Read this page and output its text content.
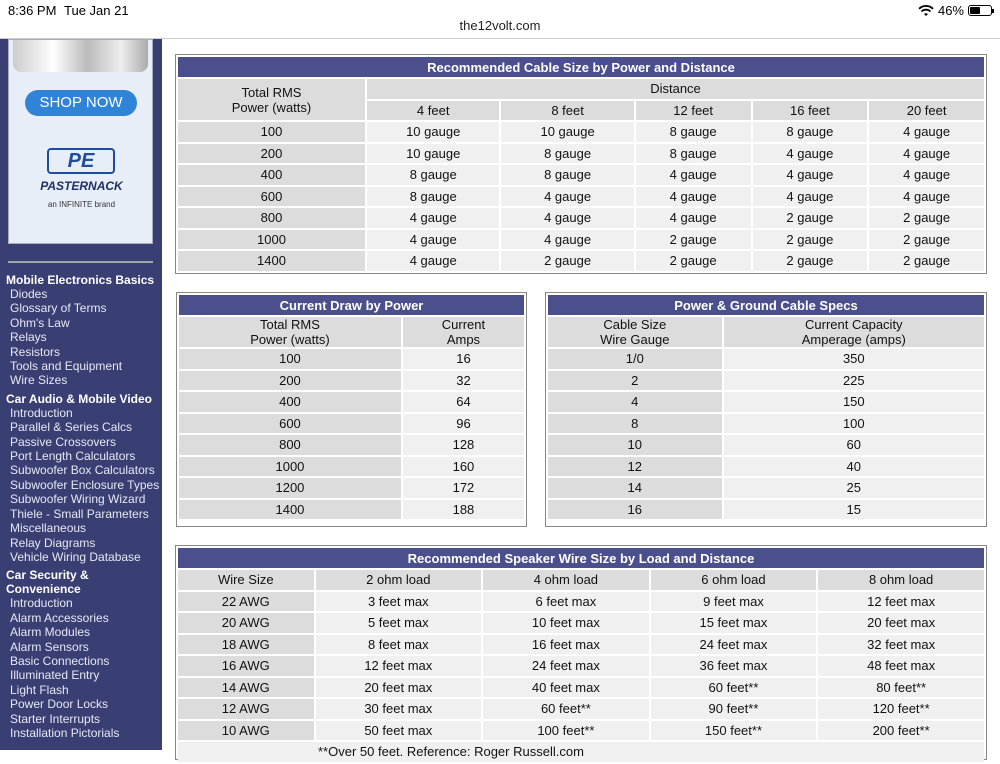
8:36 PM Tue Jan 21	46%
the12volt.com
SHOP NOW
PE
PASTERNACK
an INFINITE brand
Mobile Electronics Basics
Diodes
Glossary of Terms
Ohm's Law
Relays
Resistors
Tools and Equipment
Wire Sizes
Car Audio & Mobile Video
Introduction
Parallel & Series Calcs
Passive Crossovers
Port Length Calculators
Subwoofer Box Calculators
Subwoofer Enclosure Types
Subwoofer Wiring Wizard
Thiele - Small Parameters
Miscellaneous
Relay Diagrams
Vehicle Wiring Database
Car Security & Convenience
Introduction
Alarm Accessories
Alarm Modules
Alarm Sensors
Basic Connections
Illuminated Entry
Light Flash
Power Door Locks
Starter Interrupts
Installation Pictorials
Recommended Cable Size by Power and Distance					
Total RMS
Power (watts)	Distance				
	4 feet	8 feet	12 feet	16 feet	20 feet
100	10 gauge	10 gauge	8 gauge	8 gauge	4 gauge
200	10 gauge	8 gauge	8 gauge	4 gauge	4 gauge
400	8 gauge	8 gauge	4 gauge	4 gauge	4 gauge
600	8 gauge	4 gauge	4 gauge	4 gauge	4 gauge
800	4 gauge	4 gauge	4 gauge	2 gauge	2 gauge
1000	4 gauge	4 gauge	2 gauge	2 gauge	2 gauge
1400	4 gauge	2 gauge	2 gauge	2 gauge	2 gauge
Current Draw by Power	
Total RMS
Power (watts)	Current
Amps
100	16
200	32
400	64
600	96
800	128
1000	160
1200	172
1400	188
Power & Ground Cable Specs	
Cable Size
Wire Gauge	Current Capacity
Amperage (amps)
1/0	350
2	225
4	150
8	100
10	60
12	40
14	25
16	15
Recommended Speaker Wire Size by Load and Distance				
Wire Size	2 ohm load	4 ohm load	6 ohm load	8 ohm load
22 AWG	3 feet max	6 feet max	9 feet max	12 feet max
20 AWG	5 feet max	10 feet max	15 feet max	20 feet max
18 AWG	8 feet max	16 feet max	24 feet max	32 feet max
16 AWG	12 feet max	24 feet max	36 feet max	48 feet max
14 AWG	20 feet max	40 feet max	60 feet**	80 feet**
12 AWG	30 feet max	60 feet**	90 feet**	120 feet**
10 AWG	50 feet max	100 feet**	150 feet**	200 feet**
**Over 50 feet. Reference: Roger Russell.com				
